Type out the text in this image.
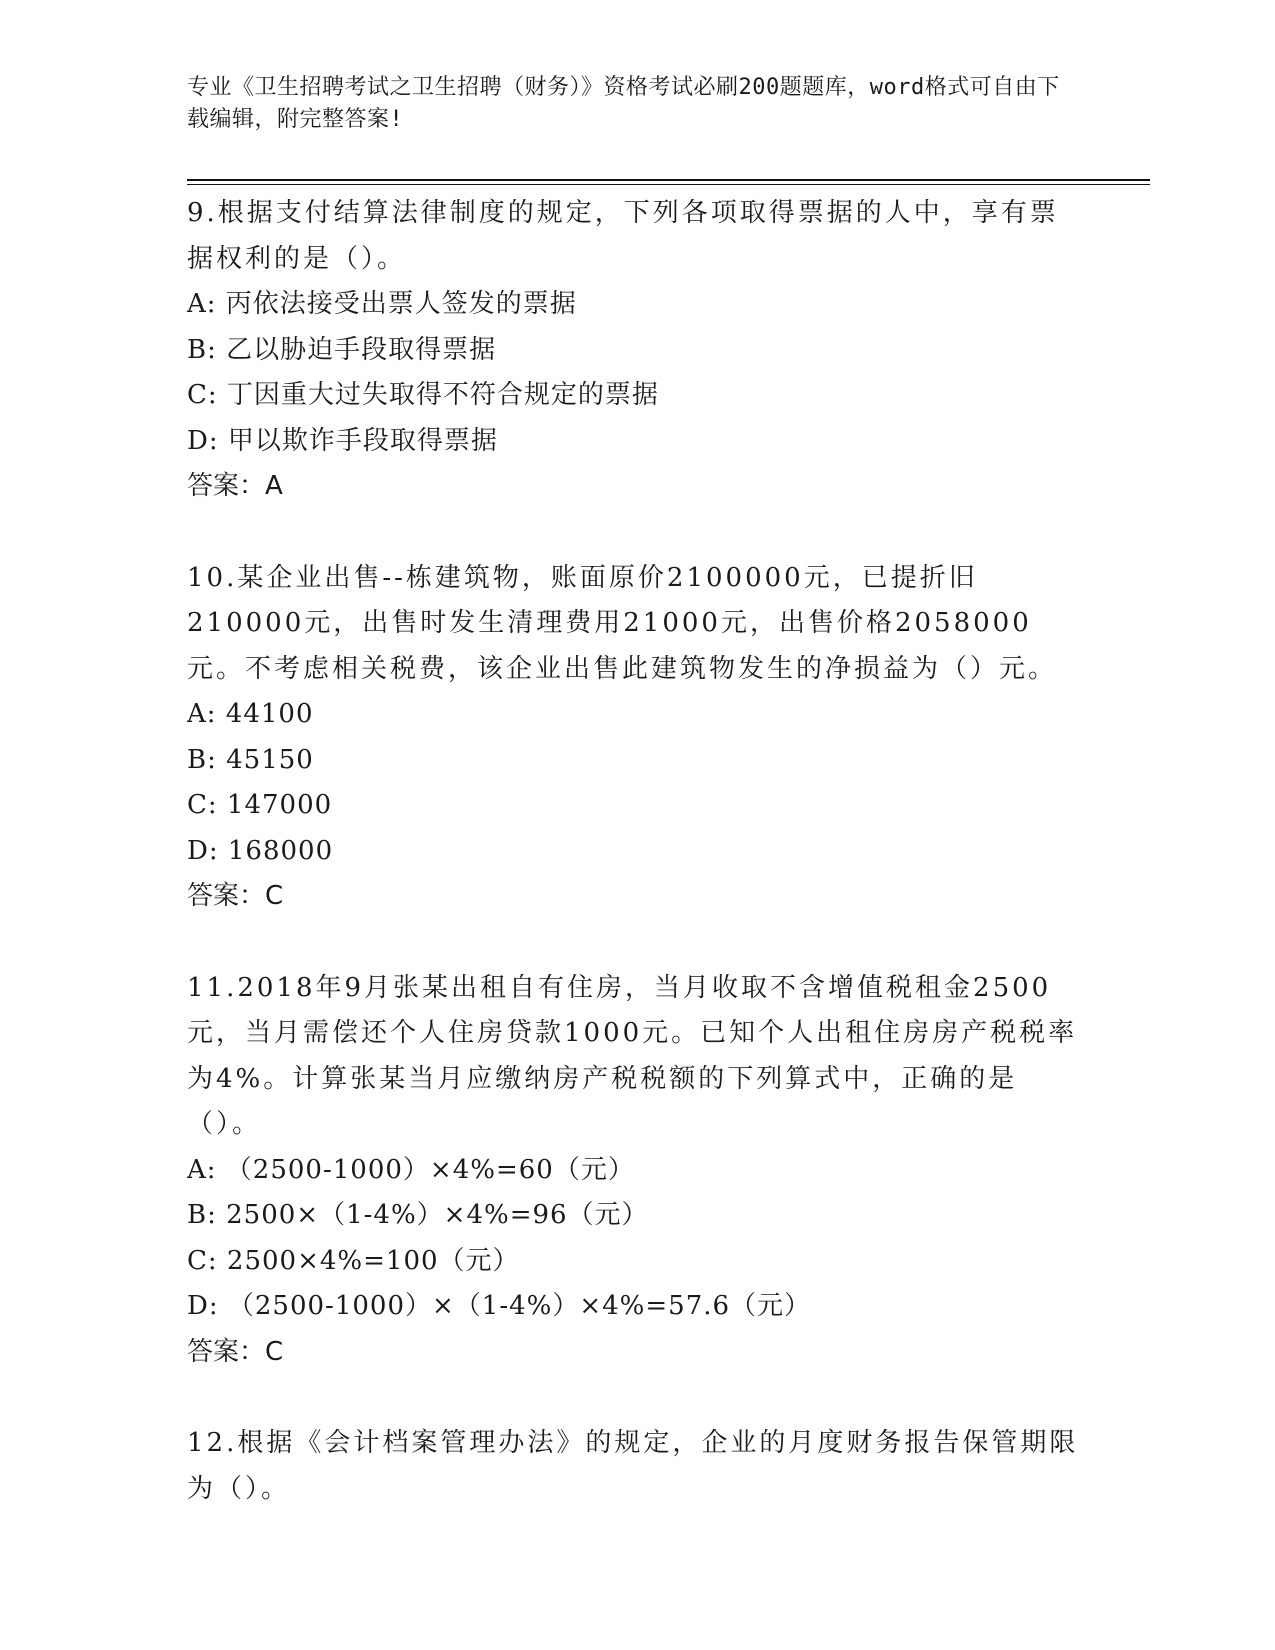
专业《卫生招聘考试之卫生招聘（财务）》资格考试必刷200题题库，word格式可自由下载编辑，附完整答案!

9.根据支付结算法律制度的规定，下列各项取得票据的人中，享有票据权利的是（）。

A: 丙依法接受出票人签发的票据

B: 乙以胁迫手段取得票据

C: 丁因重大过失取得不符合规定的票据

D: 甲以欺诈手段取得票据

答案：A

10.某企业出售--栋建筑物，账面原价2100000元，已提折旧210000元，出售时发生清理费用21000元，出售价格2058000元。不考虑相关税费，该企业出售此建筑物发生的净损益为（）元。

A: 44100

B: 45150

C: 147000

D: 168000

答案：C

11.2018年9月张某出租自有住房，当月收取不含增值税租金2500元，当月需偿还个人住房贷款1000元。已知个人出租住房房产税税率为4%。计算张某当月应缴纳房产税税额的下列算式中，正确的是（）。

A: （2500-1000）×4%=60（元）

B: 2500×（1-4%）×4%=96（元）

C: 2500×4%=100（元）

D: （2500-1000）×（1-4%）×4%=57.6（元）

答案：C

12.根据《会计档案管理办法》的规定，企业的月度财务报告保管期限为（）。
